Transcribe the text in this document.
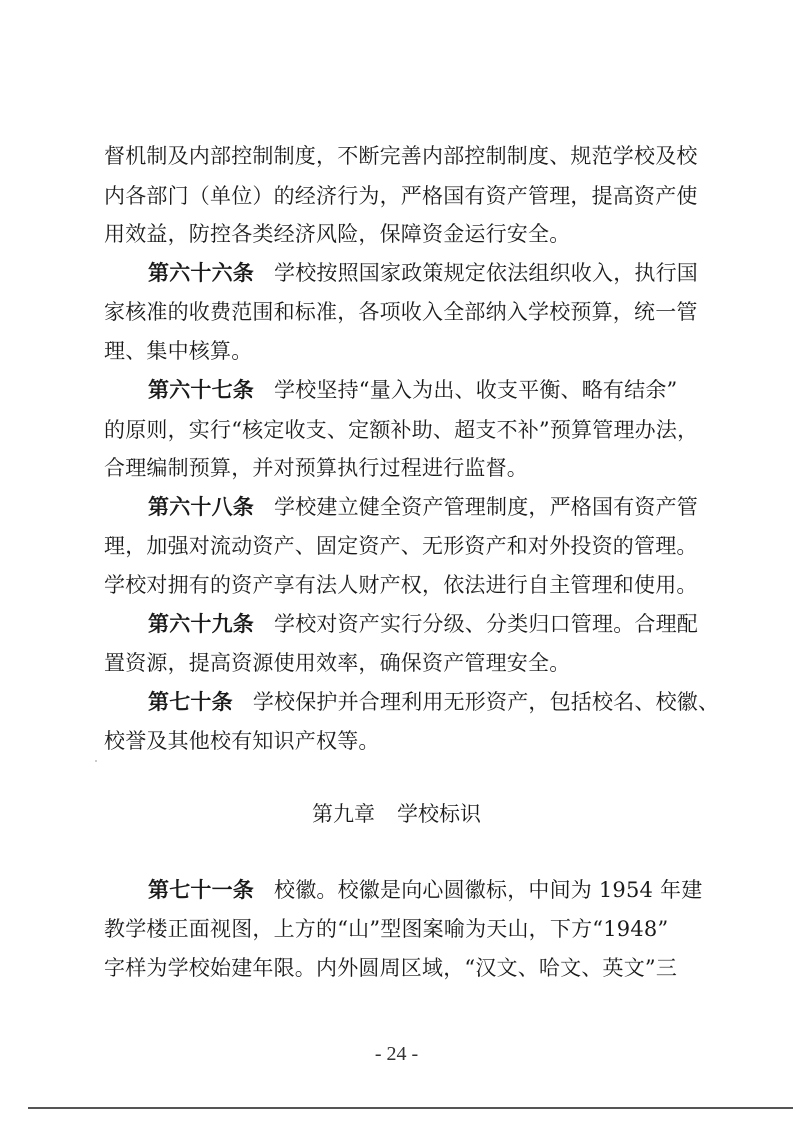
督机制及内部控制制度，不断完善内部控制制度、规范学校及校
内各部门（单位）的经济行为，严格国有资产管理，提高资产使
用效益，防控各类经济风险，保障资金运行安全。
第六十六条 学校按照国家政策规定依法组织收入，执行国
家核准的收费范围和标准，各项收入全部纳入学校预算，统一管
理、集中核算。
第六十七条 学校坚持“量入为出、收支平衡、略有结余”
的原则，实行“核定收支、定额补助、超支不补”预算管理办法，
合理编制预算，并对预算执行过程进行监督。
第六十八条 学校建立健全资产管理制度，严格国有资产管
理，加强对流动资产、固定资产、无形资产和对外投资的管理。
学校对拥有的资产享有法人财产权，依法进行自主管理和使用。
第六十九条 学校对资产实行分级、分类归口管理。合理配
置资源，提高资源使用效率，确保资产管理安全。
第七十条 学校保护并合理利用无形资产，包括校名、校徽、
校誉及其他校有知识产权等。
第九章 学校标识
第七十一条 校徽。校徽是向心圆徽标，中间为 1954 年建
教学楼正面视图，上方的“山”型图案喻为天山，下方“1948”
字样为学校始建年限。内外圆周区域，“汉文、哈文、英文”三
- 24 -
